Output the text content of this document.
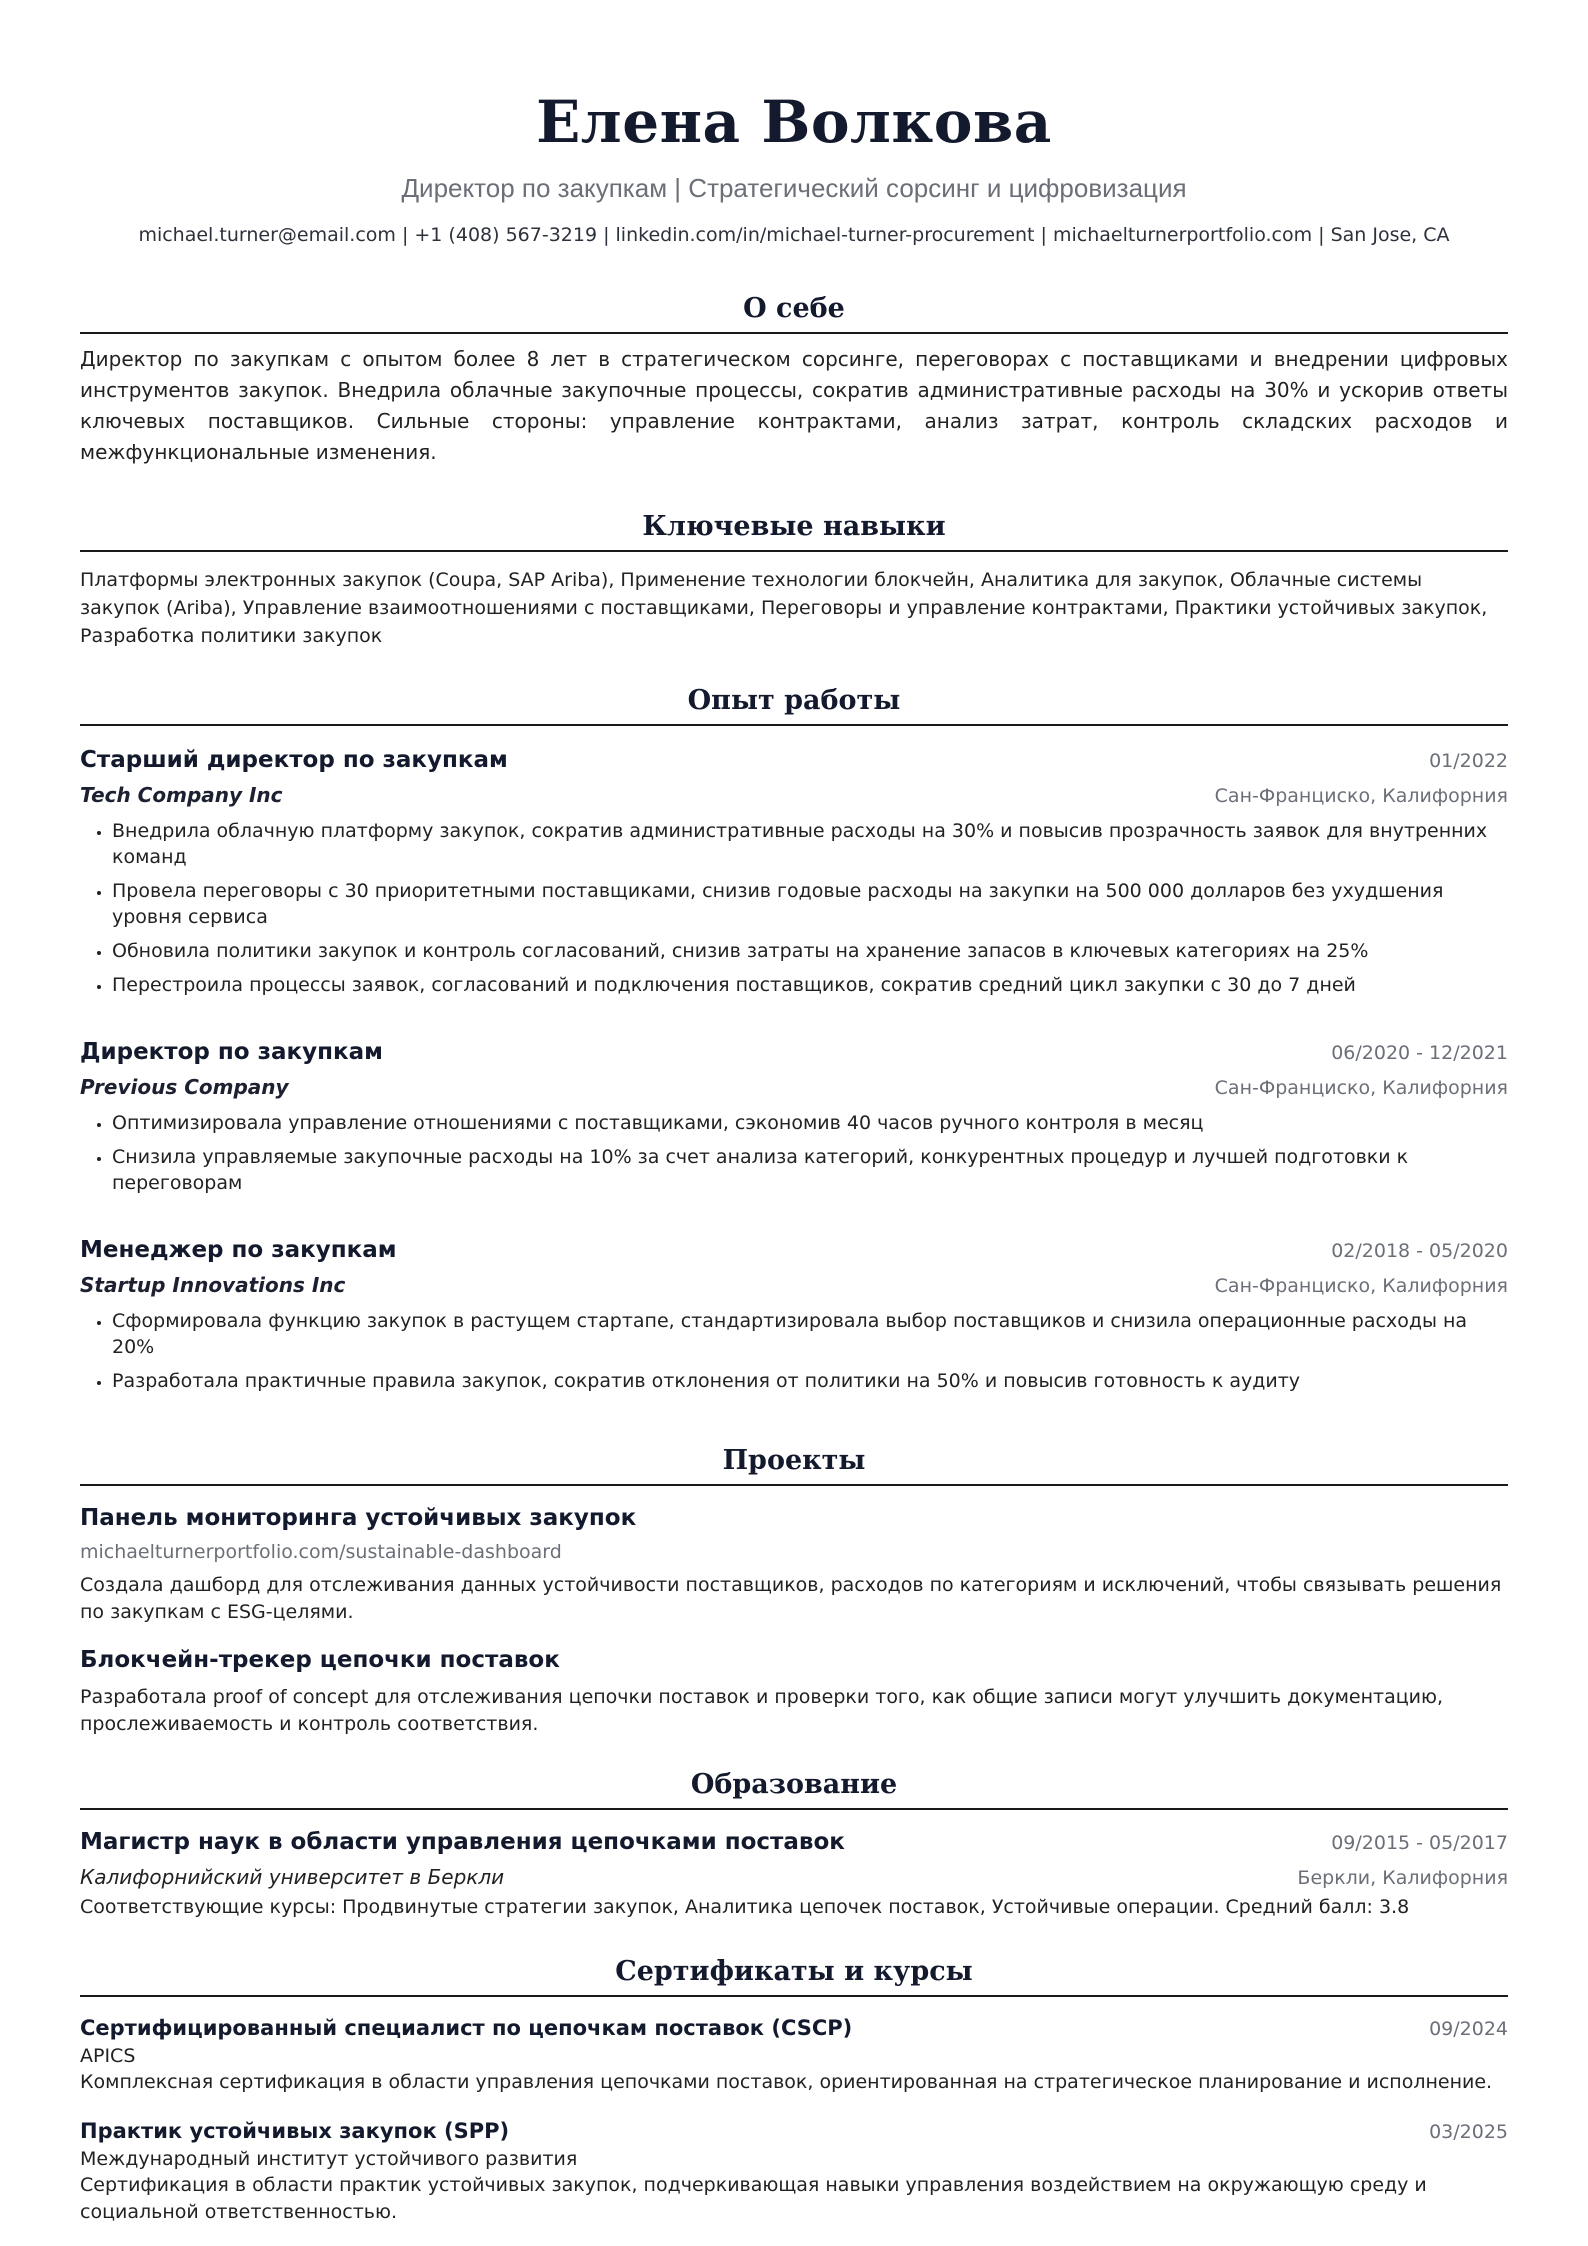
Елена Волкова
Директор по закупкам | Стратегический сорсинг и цифровизация
michael.turner@email.com | +1 (408) 567-3219 | linkedin.com/in/michael-turner-procurement | michaelturnerportfolio.com | San Jose, CA
О себе
Директор по закупкам с опытом более 8 лет в стратегическом сорсинге, переговорах с поставщиками и внедрении цифровых инструментов закупок. Внедрила облачные закупочные процессы, сократив административные расходы на 30% и ускорив ответы ключевых поставщиков. Сильные стороны: управление контрактами, анализ затрат, контроль складских расходов и межфункциональные изменения.
Ключевые навыки
Платформы электронных закупок (Coupa, SAP Ariba), Применение технологии блокчейн, Аналитика для закупок, Облачные системы закупок (Ariba), Управление взаимоотношениями с поставщиками, Переговоры и управление контрактами, Практики устойчивых закупок, Разработка политики закупок
Опыт работы
Старший директор по закупкам	01/2022
Tech Company Inc	Сан-Франциско, Калифорния
• Внедрила облачную платформу закупок, сократив административные расходы на 30% и повысив прозрачность заявок для внутренних команд
• Провела переговоры с 30 приоритетными поставщиками, снизив годовые расходы на закупки на 500 000 долларов без ухудшения уровня сервиса
• Обновила политики закупок и контроль согласований, снизив затраты на хранение запасов в ключевых категориях на 25%
• Перестроила процессы заявок, согласований и подключения поставщиков, сократив средний цикл закупки с 30 до 7 дней
Директор по закупкам	06/2020 - 12/2021
Previous Company	Сан-Франциско, Калифорния
• Оптимизировала управление отношениями с поставщиками, сэкономив 40 часов ручного контроля в месяц
• Снизила управляемые закупочные расходы на 10% за счет анализа категорий, конкурентных процедур и лучшей подготовки к переговорам
Менеджер по закупкам	02/2018 - 05/2020
Startup Innovations Inc	Сан-Франциско, Калифорния
• Сформировала функцию закупок в растущем стартапе, стандартизировала выбор поставщиков и снизила операционные расходы на 20%
• Разработала практичные правила закупок, сократив отклонения от политики на 50% и повысив готовность к аудиту
Проекты
Панель мониторинга устойчивых закупок
michaelturnerportfolio.com/sustainable-dashboard
Создала дашборд для отслеживания данных устойчивости поставщиков, расходов по категориям и исключений, чтобы связывать решения по закупкам с ESG-целями.
Блокчейн-трекер цепочки поставок
Разработала proof of concept для отслеживания цепочки поставок и проверки того, как общие записи могут улучшить документацию, прослеживаемость и контроль соответствия.
Образование
Магистр наук в области управления цепочками поставок	09/2015 - 05/2017
Калифорнийский университет в Беркли	Беркли, Калифорния
Соответствующие курсы: Продвинутые стратегии закупок, Аналитика цепочек поставок, Устойчивые операции. Средний балл: 3.8
Сертификаты и курсы
Сертифицированный специалист по цепочкам поставок (CSCP)	09/2024
APICS
Комплексная сертификация в области управления цепочками поставок, ориентированная на стратегическое планирование и исполнение.
Практик устойчивых закупок (SPP)	03/2025
Международный институт устойчивого развития
Сертификация в области практик устойчивых закупок, подчеркивающая навыки управления воздействием на окружающую среду и социальной ответственностью.
